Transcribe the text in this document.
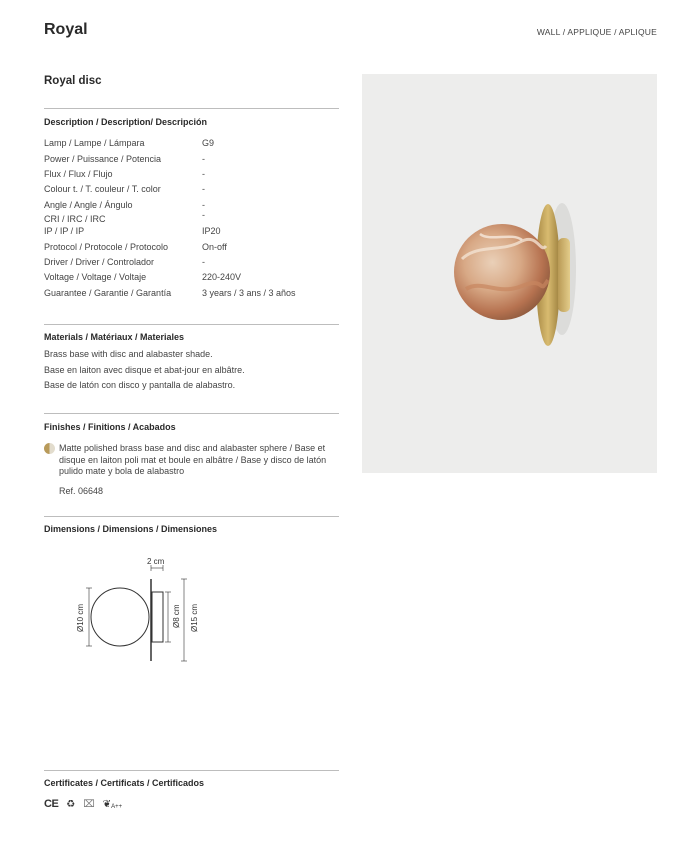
Royal	WALL / APPLIQUE / APLIQUE
Royal disc
Description / Description/ Descripción
Lamp / Lampe / Lámpara	G9
Power / Puissance / Potencia	-
Flux / Flux / Flujo	-
Colour t. / T. couleur / T. color	-
Angle / Angle / Ángulo	-
CRI / IRC / IRC	-
IP / IP / IP	IP20
Protocol / Protocole / Protocolo	On-off
Driver / Driver / Controlador	-
Voltage / Voltage / Voltaje	220-240V
Guarantee / Garantie / Garantía	3 years / 3 ans / 3 años
Materials / Matériaux / Materiales
Brass base with disc and alabaster shade.
Base en laiton avec disque et abat-jour en albâtre.
Base de latón con disco y pantalla de alabastro.
Finishes / Finitions / Acabados
Matte polished brass base and disc and alabaster sphere / Base et disque en laiton poli mat et boule en albâtre / Base y disco de latón pulido mate y bola de alabastro
Ref. 06648
Dimensions / Dimensions / Dimensiones
2 cm
Ø10 cm	Ø8 cm Ø15 cm
Certificates / Certificats / Certificados
CE ♻ ⌧ ❦A++
